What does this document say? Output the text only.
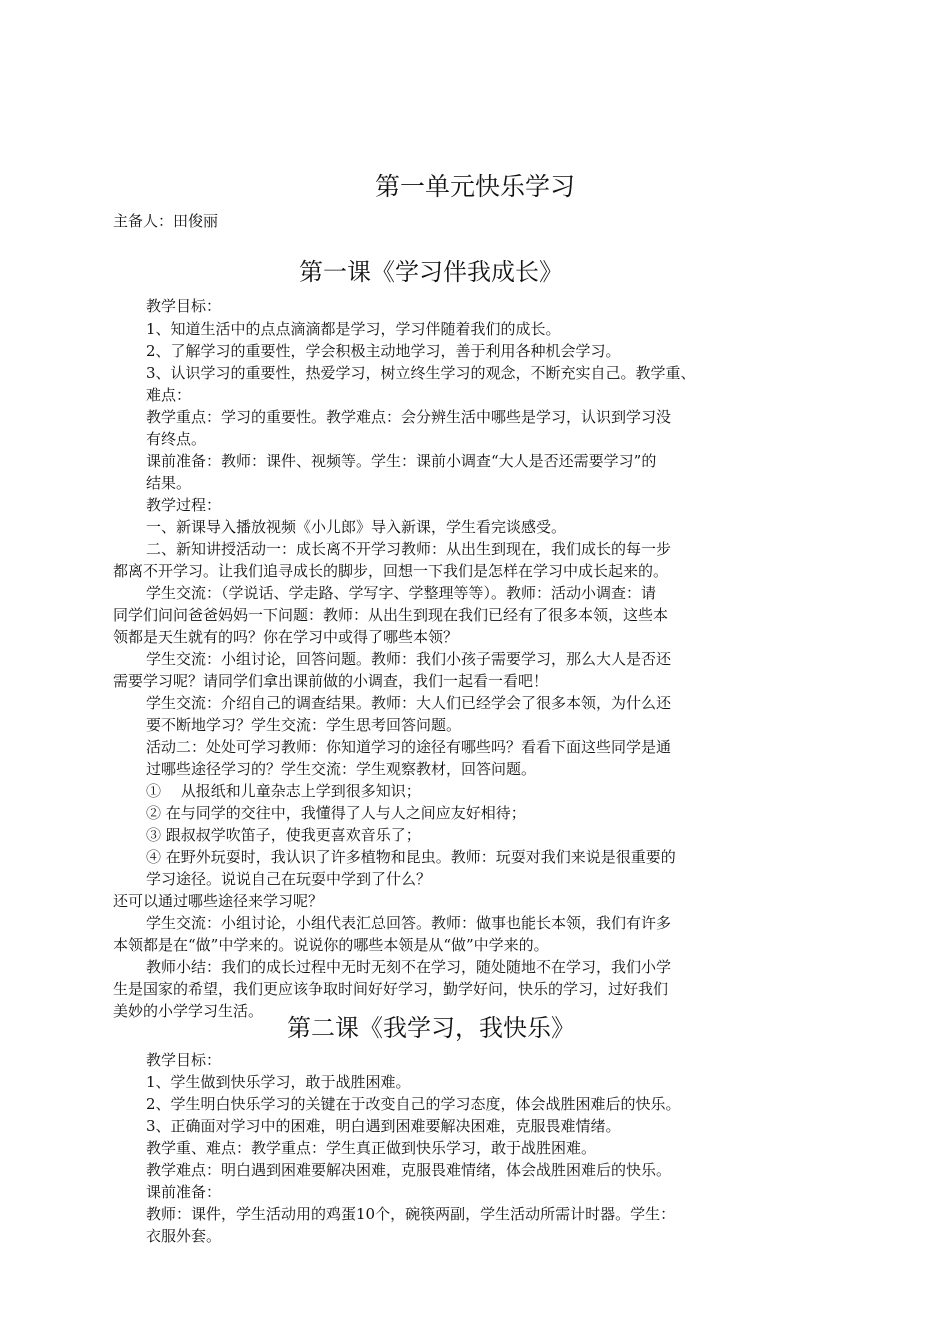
第一单元快乐学习
主备人：田俊丽
第一课《学习伴我成长》
教学目标：
1、知道生活中的点点滴滴都是学习，学习伴随着我们的成长。
2、了解学习的重要性，学会积极主动地学习，善于利用各种机会学习。
3、认识学习的重要性，热爱学习，树立终生学习的观念，不断充实自己。教学重、
难点：
教学重点：学习的重要性。教学难点：会分辨生活中哪些是学习，认识到学习没
有终点。
课前准备：教师：课件、视频等。学生：课前小调查“大人是否还需要学习”的
结果。
教学过程：
一、新课导入播放视频《小儿郎》导入新课，学生看完谈感受。
二、新知讲授活动一：成长离不开学习教师：从出生到现在，我们成长的每一步
都离不开学习。让我们追寻成长的脚步，回想一下我们是怎样在学习中成长起来的。
学生交流：（学说话、学走路、学写字、学整理等等）。教师：活动小调查：请
同学们问问爸爸妈妈一下问题：教师：从出生到现在我们已经有了很多本领，这些本
领都是天生就有的吗？你在学习中或得了哪些本领？
学生交流：小组讨论，回答问题。教师：我们小孩子需要学习，那么大人是否还
需要学习呢？请同学们拿出课前做的小调查，我们一起看一看吧！
学生交流：介绍自己的调查结果。教师：大人们已经学会了很多本领，为什么还
要不断地学习？学生交流：学生思考回答问题。
活动二：处处可学习教师：你知道学习的途径有哪些吗？看看下面这些同学是通
过哪些途径学习的？学生交流：学生观察教材，回答问题。
①　 从报纸和儿童杂志上学到很多知识；
② 在与同学的交往中，我懂得了人与人之间应友好相待；
③ 跟叔叔学吹笛子，使我更喜欢音乐了；
④ 在野外玩耍时，我认识了许多植物和昆虫。教师：玩耍对我们来说是很重要的
学习途径。说说自己在玩耍中学到了什么？
还可以通过哪些途径来学习呢？
学生交流：小组讨论，小组代表汇总回答。教师：做事也能长本领，我们有许多
本领都是在“做”中学来的。说说你的哪些本领是从“做”中学来的。
教师小结：我们的成长过程中无时无刻不在学习，随处随地不在学习，我们小学
生是国家的希望，我们更应该争取时间好好学习，勤学好问，快乐的学习，过好我们
美妙的小学学习生活。
第二课《我学习，我快乐》
教学目标：
1、学生做到快乐学习，敢于战胜困难。
2、学生明白快乐学习的关键在于改变自己的学习态度，体会战胜困难后的快乐。
3、正确面对学习中的困难，明白遇到困难要解决困难，克服畏难情绪。
教学重、难点：教学重点：学生真正做到快乐学习，敢于战胜困难。
教学难点：明白遇到困难要解决困难，克服畏难情绪，体会战胜困难后的快乐。
课前准备：
教师：课件，学生活动用的鸡蛋10个，碗筷两副，学生活动所需计时器。学生：
衣服外套。
